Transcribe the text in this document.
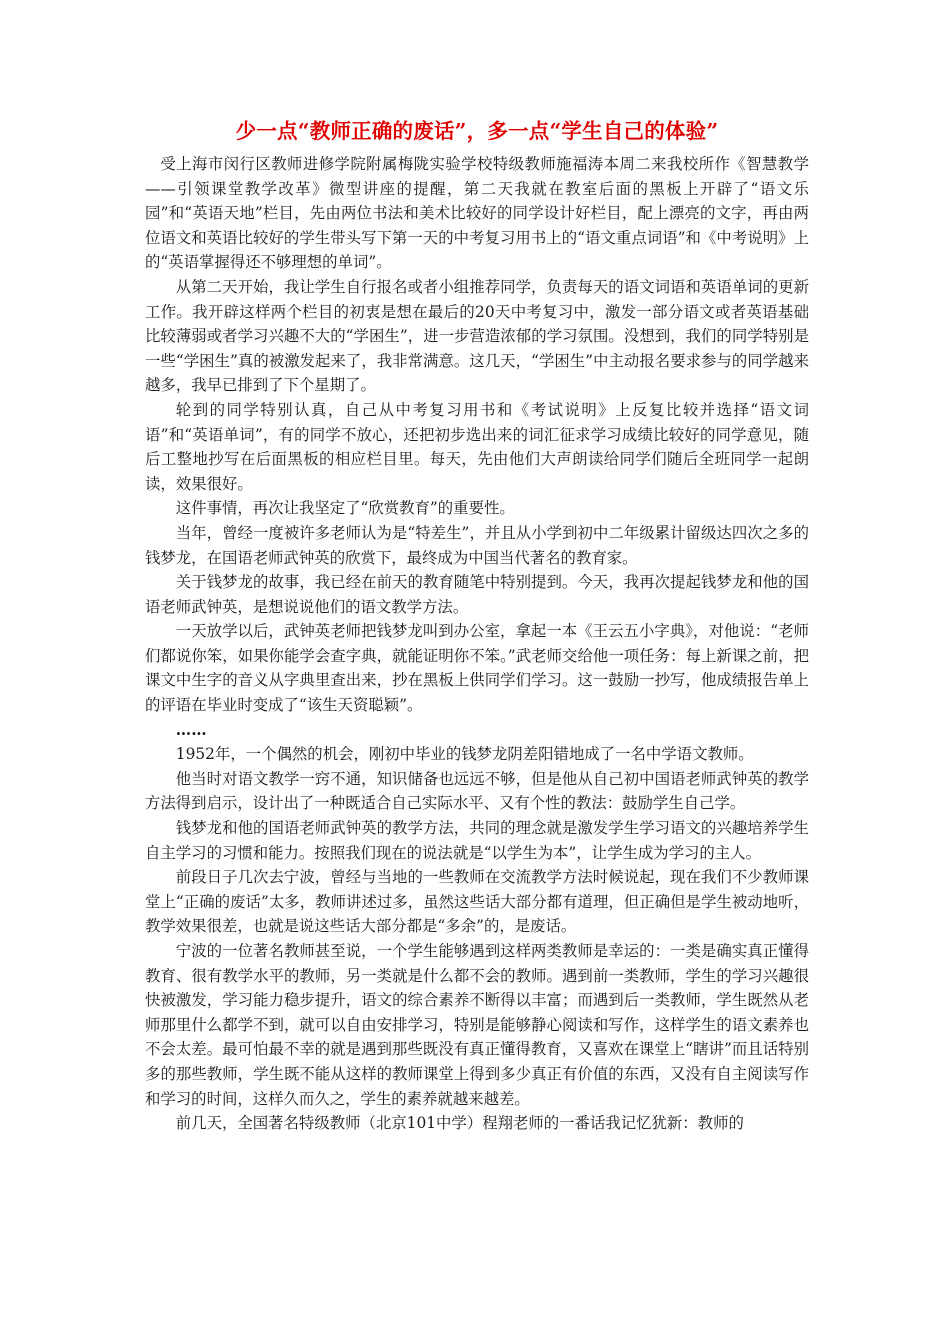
少一点“教师正确的废话”，多一点“学生自己的体验”

受上海市闵行区教师进修学院附属梅陇实验学校特级教师施福涛本周二来我校所作《智慧教学——引领课堂教学改革》微型讲座的提醒，第二天我就在教室后面的黑板上开辟了“语文乐园”和“英语天地”栏目，先由两位书法和美术比较好的同学设计好栏目，配上漂亮的文字，再由两位语文和英语比较好的学生带头写下第一天的中考复习用书上的“语文重点词语”和《中考说明》上的“英语掌握得还不够理想的单词”。

从第二天开始，我让学生自行报名或者小组推荐同学，负责每天的语文词语和英语单词的更新工作。我开辟这样两个栏目的初衷是想在最后的20天中考复习中，激发一部分语文或者英语基础比较薄弱或者学习兴趣不大的“学困生”，进一步营造浓郁的学习氛围。没想到，我们的同学特别是一些“学困生”真的被激发起来了，我非常满意。这几天，“学困生”中主动报名要求参与的同学越来越多，我早已排到了下个星期了。

轮到的同学特别认真，自己从中考复习用书和《考试说明》上反复比较并选择“语文词语”和“英语单词”，有的同学不放心，还把初步选出来的词汇征求学习成绩比较好的同学意见，随后工整地抄写在后面黑板的相应栏目里。每天，先由他们大声朗读给同学们随后全班同学一起朗读，效果很好。

这件事情，再次让我坚定了“欣赏教育”的重要性。

当年，曾经一度被许多老师认为是“特差生”，并且从小学到初中二年级累计留级达四次之多的钱梦龙，在国语老师武钟英的欣赏下，最终成为中国当代著名的教育家。

关于钱梦龙的故事，我已经在前天的教育随笔中特别提到。今天，我再次提起钱梦龙和他的国语老师武钟英，是想说说他们的语文教学方法。

一天放学以后，武钟英老师把钱梦龙叫到办公室，拿起一本《王云五小字典》，对他说：“老师们都说你笨，如果你能学会查字典，就能证明你不笨。”武老师交给他一项任务：每上新课之前，把课文中生字的音义从字典里查出来，抄在黑板上供同学们学习。这一鼓励一抄写，他成绩报告单上的评语在毕业时变成了“该生天资聪颖”。

……

1952年，一个偶然的机会，刚初中毕业的钱梦龙阴差阳错地成了一名中学语文教师。

他当时对语文教学一窍不通，知识储备也远远不够，但是他从自己初中国语老师武钟英的教学方法得到启示，设计出了一种既适合自己实际水平、又有个性的教法：鼓励学生自己学。

钱梦龙和他的国语老师武钟英的教学方法，共同的理念就是激发学生学习语文的兴趣培养学生自主学习的习惯和能力。按照我们现在的说法就是“以学生为本”，让学生成为学习的主人。

前段日子几次去宁波，曾经与当地的一些教师在交流教学方法时候说起，现在我们不少教师课堂上“正确的废话”太多，教师讲述过多，虽然这些话大部分都有道理，但正确但是学生被动地听，教学效果很差，也就是说这些话大部分都是“多余”的，是废话。

宁波的一位著名教师甚至说，一个学生能够遇到这样两类教师是幸运的：一类是确实真正懂得教育、很有教学水平的教师，另一类就是什么都不会的教师。遇到前一类教师，学生的学习兴趣很快被激发，学习能力稳步提升，语文的综合素养不断得以丰富；而遇到后一类教师，学生既然从老师那里什么都学不到，就可以自由安排学习，特别是能够静心阅读和写作，这样学生的语文素养也不会太差。最可怕最不幸的就是遇到那些既没有真正懂得教育，又喜欢在课堂上“瞎讲”而且话特别多的那些教师，学生既不能从这样的教师课堂上得到多少真正有价值的东西，又没有自主阅读写作和学习的时间，这样久而久之，学生的素养就越来越差。

前几天，全国著名特级教师（北京101中学）程翔老师的一番话我记忆犹新：教师的
